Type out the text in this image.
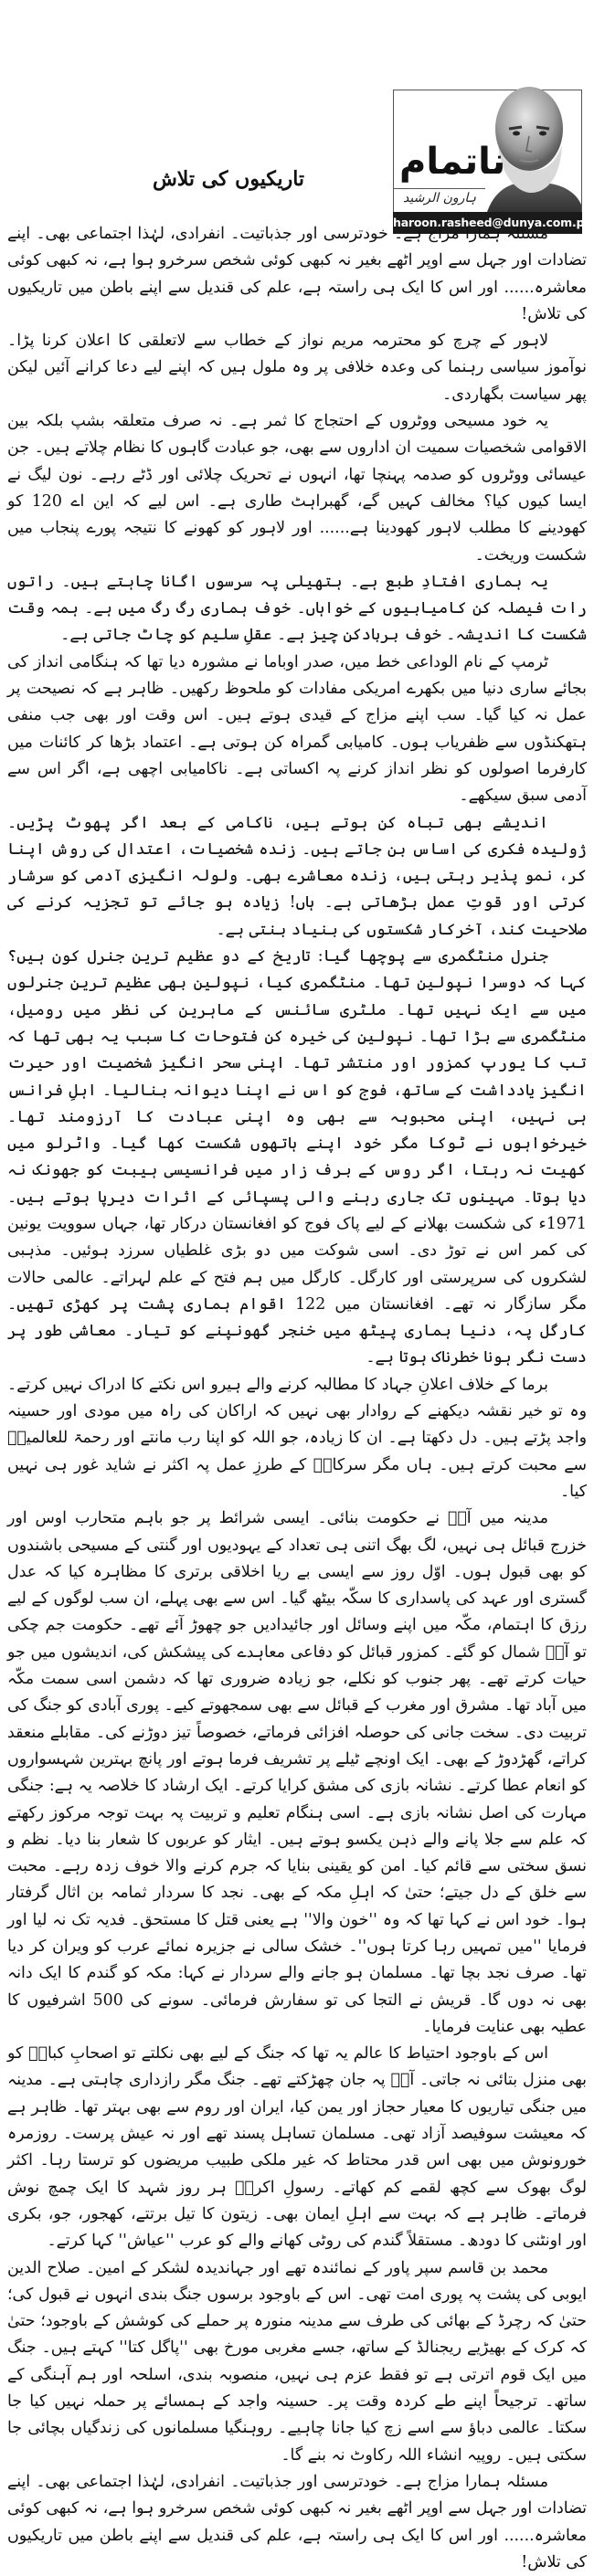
ناتمام
ہارون الرشید
haroon.rasheed@dunya.com.pk
تاریکیوں کی تلاش

مسئلہ ہمارا مزاج ہے۔ خودترسی اور جذباتیت۔ انفرادی، لہٰذا اجتماعی بھی۔ اپنے تضادات اور جہل سے اوپر اٹھے بغیر نہ کبھی کوئی شخص سرخرو ہوا ہے، نہ کبھی کوئی معاشرہ...... اور اس کا ایک ہی راستہ ہے، علم کی قندیل سے اپنے باطن میں تاریکیوں کی تلاش!

لاہور کے چرچ کو محترمہ مریم نواز کے خطاب سے لاتعلقی کا اعلان کرنا پڑا۔ نوآموز سیاسی رہنما کی وعدہ خلافی پر وہ ملول ہیں کہ اپنے لیے دعا کرانے آئیں لیکن پھر سیاست بگھاردی۔

یہ خود مسیحی ووٹروں کے احتجاج کا ثمر ہے۔ نہ صرف متعلقہ بشپ بلکہ بین الاقوامی شخصیات سمیت ان اداروں سے بھی، جو عبادت گاہوں کا نظام چلاتے ہیں۔ جن عیسائی ووٹروں کو صدمہ پہنچا تھا، انہوں نے تحریک چلائی اور ڈٹے رہے۔ نون لیگ نے ایسا کیوں کیا؟ مخالف کہیں گے، گھبراہٹ طاری ہے۔ اس لیے کہ این اے 120 کو کھودینے کا مطلب لاہور کھودینا ہے...... اور لاہور کو کھونے کا نتیجہ پورے پنجاب میں شکست وریخت۔

یہ ہماری افتادِ طبع ہے۔ ہتھیلی پہ سرسوں اگانا چاہتے ہیں۔ راتوں رات فیصلہ کن کامیابیوں کے خواہاں۔ خوف ہماری رگ رگ میں ہے۔ ہمہ وقت شکست کا اندیشہ۔ خوف بربادکن چیز ہے۔ عقلِ سلیم کو چاٹ جاتی ہے۔

ٹرمپ کے نام الوداعی خط میں، صدر اوباما نے مشورہ دیا تھا کہ ہنگامی انداز کی بجائے ساری دنیا میں بکھرے امریکی مفادات کو ملحوظ رکھیں۔ ظاہر ہے کہ نصیحت پر عمل نہ کیا گیا۔ سب اپنے مزاج کے قیدی ہوتے ہیں۔ اس وقت اور بھی جب منفی ہتھکنڈوں سے ظفریاب ہوں۔ کامیابی گمراہ کن ہوتی ہے۔ اعتماد بڑھا کر کائنات میں کارفرما اصولوں کو نظر انداز کرنے پہ اکساتی ہے۔ ناکامیابی اچھی ہے، اگر اس سے آدمی سبق سیکھے۔

اندیشے بھی تباہ کن ہوتے ہیں، ناکامی کے بعد اگر پھوٹ پڑیں۔ ژولیدہ فکری کی اساس بن جاتے ہیں۔ زندہ شخصیات، اعتدال کی روش اپنا کر، نمو پذیر رہتی ہیں، زندہ معاشرے بھی۔ ولولہ انگیزی آدمی کو سرشار کرتی اور قوتِ عمل بڑھاتی ہے۔ ہاں! زیادہ ہو جائے تو تجزیہ کرنے کی صلاحیت کند، آخرکار شکستوں کی بنیاد بنتی ہے۔

جنرل منٹگمری سے پوچھا گیا: تاریخ کے دو عظیم ترین جنرل کون ہیں؟ کہا کہ دوسرا نپولین تھا۔ منٹگمری کیا، نپولین بھی عظیم ترین جنرلوں میں سے ایک نہیں تھا۔ ملٹری سائنس کے ماہرین کی نظر میں رومیل، منٹگمری سے بڑا تھا۔ نپولین کی خیرہ کن فتوحات کا سبب یہ بھی تھا کہ تب کا یورپ کمزور اور منتشر تھا۔ اپنی سحر انگیز شخصیت اور حیرت انگیز یادداشت کے ساتھ، فوج کو اس نے اپنا دیوانہ بنالیا۔ اہلِ فرانس ہی نہیں، اپنی محبوبہ سے بھی وہ اپنی عبادت کا آرزومند تھا۔ خیرخواہوں نے ٹوکا مگر خود اپنے ہاتھوں شکست کھا گیا۔ واٹرلو میں کھیت نہ رہتا، اگر روس کے برف زار میں فرانسیسی ہیبت کو جھونک نہ دیا ہوتا۔ مہینوں تک جاری رہنے والی پسپائی کے اثرات دیرپا ہوتے ہیں۔ 1971ء کی شکست بھلانے کے لیے پاک فوج کو افغانستان درکار تھا، جہاں سوویت یونین کی کمر اس نے توڑ دی۔ اسی شوکت میں دو بڑی غلطیاں سرزد ہوئیں۔ مذہبی لشکروں کی سرپرستی اور کارگل۔ کارگل میں ہم فتح کے علم لہراتے۔ عالمی حالات مگر سازگار نہ تھے۔ افغانستان میں 122 اقوام ہماری پشت پر کھڑی تھیں۔ کارگل پہ، دنیا ہماری پیٹھ میں خنجر گھونپنے کو تیار۔ معاشی طور پر دست نگر ہونا خطرناک ہوتا ہے۔

برما کے خلاف اعلانِ جہاد کا مطالبہ کرنے والے ہیرو اس نکتے کا ادراک نہیں کرتے۔ وہ تو خیر نقشہ دیکھنے کے روادار بھی نہیں کہ اراکان کی راہ میں مودی اور حسینہ واجد پڑتے ہیں۔ دل دکھتا ہے۔ ان کا زیادہ، جو اللہ کو اپنا رب مانتے اور رحمۃ للعالمینؐ سے محبت کرتے ہیں۔ ہاں مگر سرکارؐ کے طرزِ عمل پہ اکثر نے شاید غور ہی نہیں کیا۔

مدینہ میں آپؐ نے حکومت بنائی۔ ایسی شرائط پر جو باہم متحارب اوس اور خزرج قبائل ہی نہیں، لگ بھگ اتنی ہی تعداد کے یہودیوں اور گنتی کے مسیحی باشندوں کو بھی قبول ہوں۔ اوّل روز سے ایسی بے ریا اخلاقی برتری کا مظاہرہ کیا کہ عدل گستری اور عہد کی پاسداری کا سکّہ بیٹھ گیا۔ اس سے بھی پہلے، ان سب لوگوں کے لیے رزق کا اہتمام، مکّہ میں اپنے وسائل اور جائیدادیں جو چھوڑ آئے تھے۔ حکومت جم چکی تو آپؐ شمال کو گئے۔ کمزور قبائل کو دفاعی معاہدے کی پیشکش کی، اندیشوں میں جو حیات کرتے تھے۔ پھر جنوب کو نکلے، جو زیادہ ضروری تھا کہ دشمن اسی سمت مکّہ میں آباد تھا۔ مشرق اور مغرب کے قبائل سے بھی سمجھوتے کیے۔ پوری آبادی کو جنگ کی تربیت دی۔ سخت جانی کی حوصلہ افزائی فرماتے، خصوصاً تیز دوڑنے کی۔ مقابلے منعقد کراتے، گھڑدوڑ کے بھی۔ ایک اونچے ٹیلے پر تشریف فرما ہوتے اور پانچ بہترین شہسواروں کو انعام عطا کرتے۔ نشانہ بازی کی مشق کرایا کرتے۔ ایک ارشاد کا خلاصہ یہ ہے: جنگی مہارت کی اصل نشانہ بازی ہے۔ اسی ہنگام تعلیم و تربیت پہ بہت توجہ مرکوز رکھتے کہ علم سے جلا پانے والے ذہن یکسو ہوتے ہیں۔ ایثار کو عربوں کا شعار بنا دیا۔ نظم و نسق سختی سے قائم کیا۔ امن کو یقینی بنایا کہ جرم کرنے والا خوف زدہ رہے۔ محبت سے خلق کے دل جیتے؛ حتیٰ کہ اہلِ مکہ کے بھی۔ نجد کا سردار ثمامہ بن اثال گرفتار ہوا۔ خود اس نے کہا تھا کہ وہ ''خون والا'' ہے یعنی قتل کا مستحق۔ فدیہ تک نہ لیا اور فرمایا ''میں تمہیں رہا کرتا ہوں''۔ خشک سالی نے جزیرہ نمائے عرب کو ویران کر دیا تھا۔ صرف نجد بچا تھا۔ مسلمان ہو جانے والے سردار نے کہا: مکہ کو گندم کا ایک دانہ بھی نہ دوں گا۔ قریش نے التجا کی تو سفارش فرمائی۔ سونے کی 500 اشرفیوں کا عطیہ بھی عنایت فرمایا۔

اس کے باوجود احتیاط کا عالم یہ تھا کہ جنگ کے لیے بھی نکلتے تو اصحابِ کبارؓ کو بھی منزل بتائی نہ جاتی۔ آپؐ پہ جان چھڑکتے تھے۔ جنگ مگر رازداری چاہتی ہے۔ مدینہ میں جنگی تیاریوں کا معیار حجاز اور یمن کیا، ایران اور روم سے بھی بہتر تھا۔ ظاہر ہے کہ معیشت سوفیصد آزاد تھی۔ مسلمان تساہل پسند تھے اور نہ عیش پرست۔ روزمرہ خورونوش میں بھی اس قدر محتاط کہ غیر ملکی طبیب مریضوں کو ترستا رہا۔ اکثر لوگ بھوک سے کچھ لقمے کم کھاتے۔ رسولِ اکرمؐ ہر روز شہد کا ایک چمچ نوش فرماتے۔ ظاہر ہے کہ بہت سے اہلِ ایمان بھی۔ زیتون کا تیل برتتے، کھجور، جو، بکری اور اونٹنی کا دودھ۔ مستقلاً گندم کی روٹی کھانے والے کو عرب ''عیاش'' کہا کرتے۔

محمد بن قاسم سپر پاور کے نمائندہ تھے اور جہاندیدہ لشکر کے امین۔ صلاح الدین ایوبی کی پشت پہ پوری امت تھی۔ اس کے باوجود برسوں جنگ بندی انہوں نے قبول کی؛ حتیٰ کہ رچرڈ کے بھائی کی طرف سے مدینہ منورہ پر حملے کی کوشش کے باوجود؛ حتیٰ کہ کرک کے بھیڑیے ریجنالڈ کے ساتھ، جسے مغربی مورخ بھی ''پاگل کتا'' کہتے ہیں۔ جنگ میں ایک قوم اترتی ہے تو فقط عزم ہی نہیں، منصوبہ بندی، اسلحہ اور ہم آہنگی کے ساتھ۔ ترجیحاً اپنے طے کردہ وقت پر۔ حسینہ واجد کے ہمسائے پر حملہ نہیں کیا جا سکتا۔ عالمی دباؤ سے اسے زچ کیا جانا چاہیے۔ روہنگیا مسلمانوں کی زندگیاں بچائی جا سکتی ہیں۔ روپیہ انشاء اللہ رکاوٹ نہ بنے گا۔

مسئلہ ہمارا مزاج ہے۔ خودترسی اور جذباتیت۔ انفرادی، لہٰذا اجتماعی بھی۔ اپنے تضادات اور جہل سے اوپر اٹھے بغیر نہ کبھی کوئی شخص سرخرو ہوا ہے، نہ کبھی کوئی معاشرہ...... اور اس کا ایک ہی راستہ ہے، علم کی قندیل سے اپنے باطن میں تاریکیوں کی تلاش!
